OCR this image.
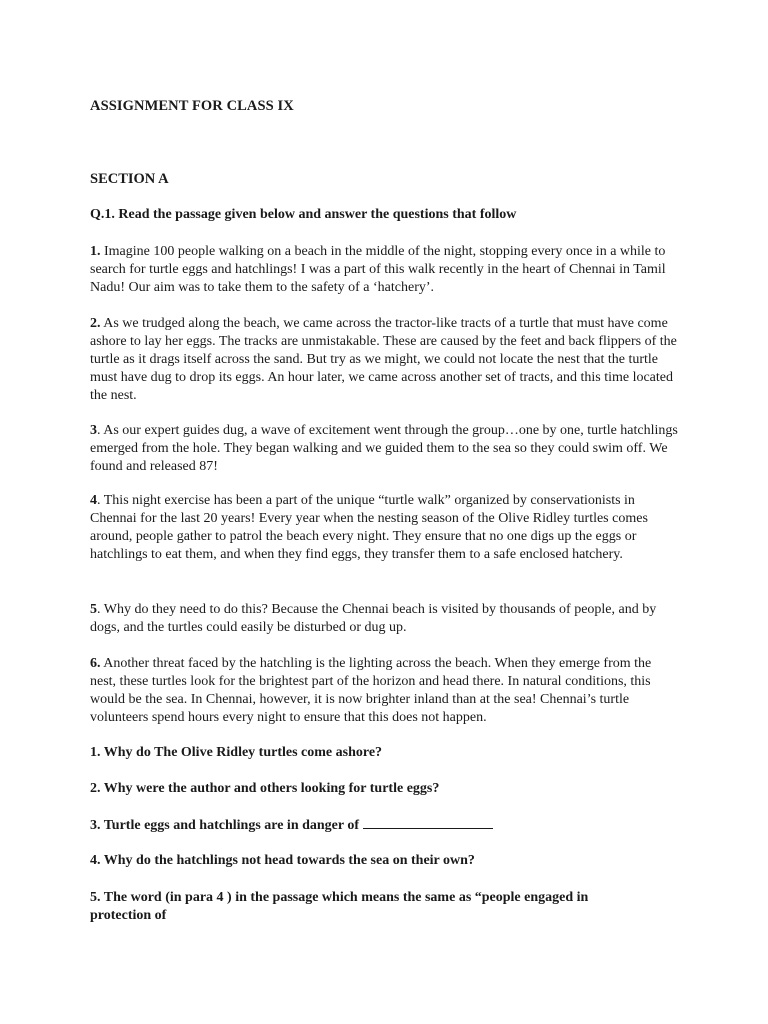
ASSIGNMENT FOR CLASS IX

SECTION A

Q.1. Read the passage given below and answer the questions that follow

1. Imagine 100 people walking on a beach in the middle of the night, stopping every once in a while to search for turtle eggs and hatchlings! I was a part of this walk recently in the heart of Chennai in Tamil Nadu! Our aim was to take them to the safety of a ‘hatchery’.

2. As we trudged along the beach, we came across the tractor-like tracts of a turtle that must have come ashore to lay her eggs. The tracks are unmistakable. These are caused by the feet and back flippers of the turtle as it drags itself across the sand. But try as we might, we could not locate the nest that the turtle must have dug to drop its eggs. An hour later, we came across another set of tracts, and this time located the nest.

3. As our expert guides dug, a wave of excitement went through the group…one by one, turtle hatchlings emerged from the hole. They began walking and we guided them to the sea so they could swim off. We found and released 87!

4. This night exercise has been a part of the unique “turtle walk” organized by conservationists in Chennai for the last 20 years! Every year when the nesting season of the Olive Ridley turtles comes around, people gather to patrol the beach every night. They ensure that no one digs up the eggs or hatchlings to eat them, and when they find eggs, they transfer them to a safe enclosed hatchery.

5. Why do they need to do this? Because the Chennai beach is visited by thousands of people, and by dogs, and the turtles could easily be disturbed or dug up.

6. Another threat faced by the hatchling is the lighting across the beach. When they emerge from the nest, these turtles look for the brightest part of the horizon and head there. In natural conditions, this would be the sea. In Chennai, however, it is now brighter inland than at the sea! Chennai’s turtle volunteers spend hours every night to ensure that this does not happen.

1. Why do The Olive Ridley turtles come ashore?

2. Why were the author and others looking for turtle eggs?

3. Turtle eggs and hatchlings are in danger of

4. Why do the hatchlings not head towards the sea on their own?

5. The word (in para 4 ) in the passage which means the same as “people engaged in protection of
